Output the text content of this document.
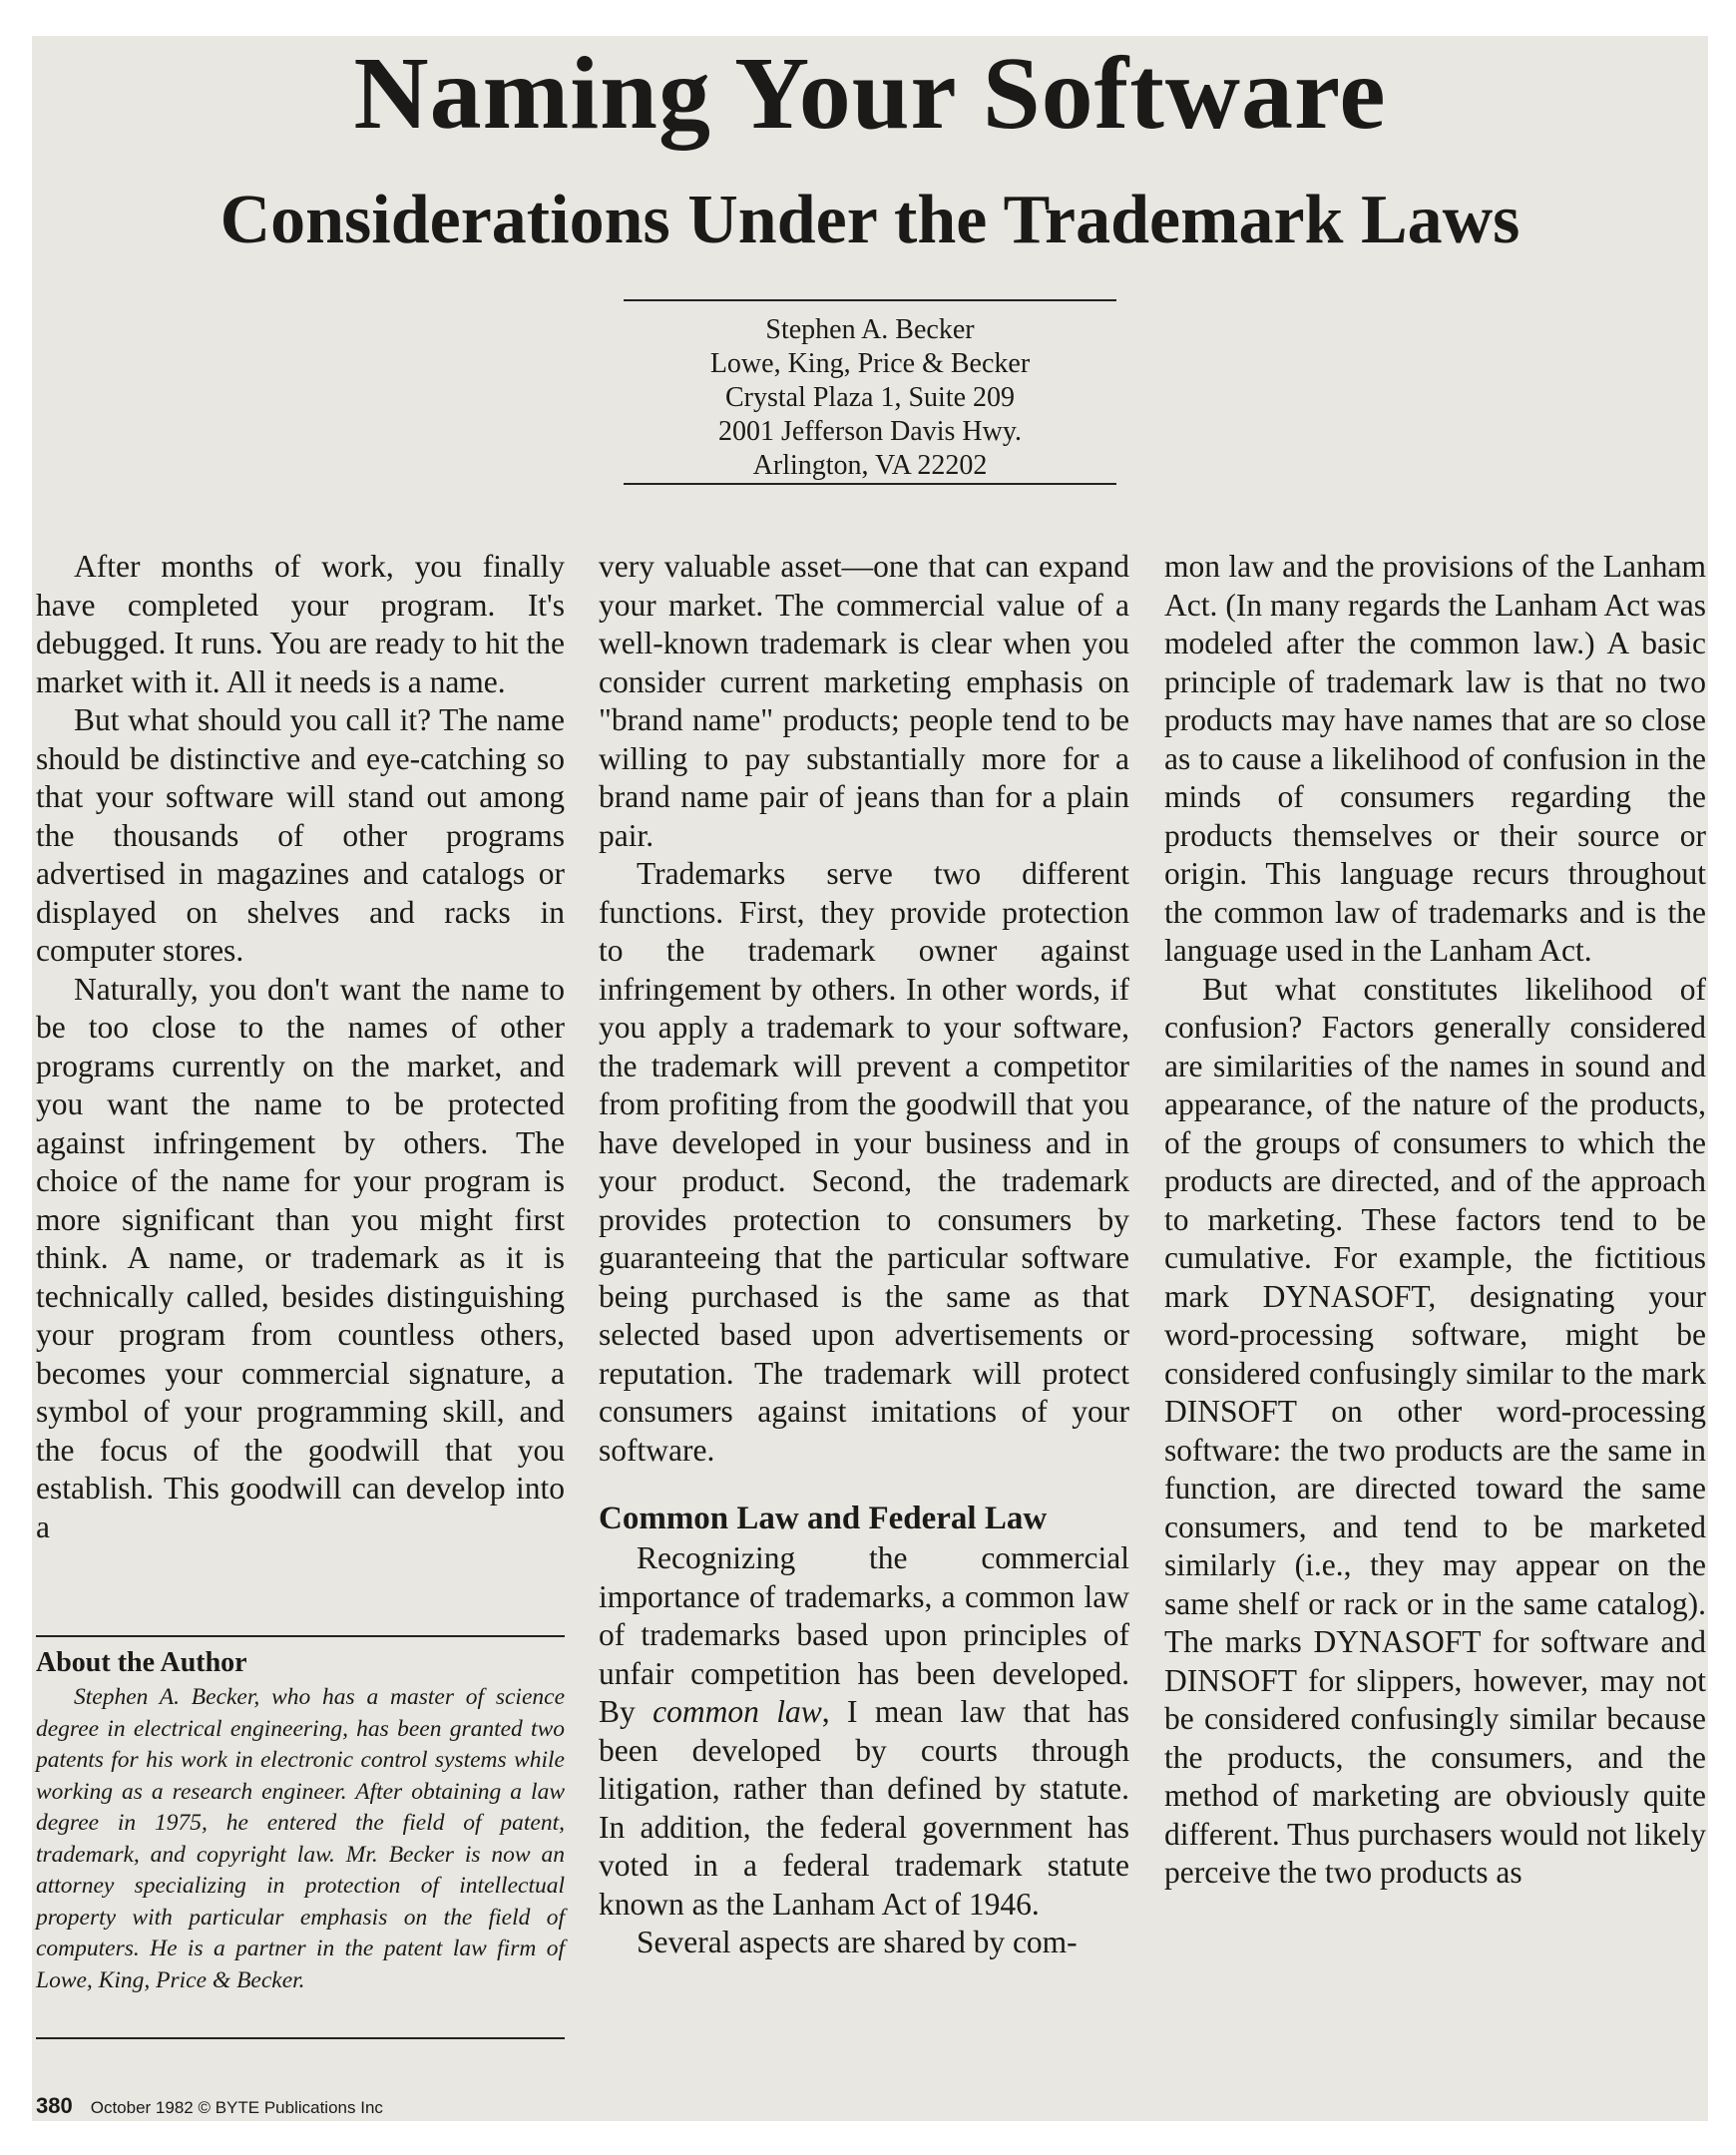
Naming Your Software
Considerations Under the Trademark Laws
Stephen A. Becker
Lowe, King, Price & Becker
Crystal Plaza 1, Suite 209
2001 Jefferson Davis Hwy.
Arlington, VA 22202

After months of work, you finally have completed your program. It's debugged. It runs. You are ready to hit the market with it. All it needs is a name.

But what should you call it? The name should be distinctive and eye-catching so that your software will stand out among the thousands of other programs advertised in magazines and catalogs or displayed on shelves and racks in computer stores.

Naturally, you don't want the name to be too close to the names of other programs currently on the market, and you want the name to be protected against infringement by others. The choice of the name for your program is more significant than you might first think. A name, or trademark as it is technically called, besides distinguishing your program from countless others, becomes your commercial signature, a symbol of your programming skill, and the focus of the goodwill that you establish. This goodwill can develop into a

About the Author

Stephen A. Becker, who has a master of science degree in electrical engineering, has been granted two patents for his work in electronic control systems while working as a research engineer. After obtaining a law degree in 1975, he entered the field of patent, trademark, and copyright law. Mr. Becker is now an attorney specializing in protection of intellectual property with particular emphasis on the field of computers. He is a partner in the patent law firm of Lowe, King, Price & Becker.

very valuable asset—one that can expand your market. The commercial value of a well-known trademark is clear when you consider current marketing emphasis on "brand name" products; people tend to be willing to pay substantially more for a brand name pair of jeans than for a plain pair.

Trademarks serve two different functions. First, they provide protection to the trademark owner against infringement by others. In other words, if you apply a trademark to your software, the trademark will prevent a competitor from profiting from the goodwill that you have developed in your business and in your product. Second, the trademark provides protection to consumers by guaranteeing that the particular software being purchased is the same as that selected based upon advertisements or reputation. The trademark will protect consumers against imitations of your software.

Common Law and Federal Law

Recognizing the commercial importance of trademarks, a common law of trademarks based upon principles of unfair competition has been developed. By common law, I mean law that has been developed by courts through litigation, rather than defined by statute. In addition, the federal government has voted in a federal trademark statute known as the Lanham Act of 1946.

Several aspects are shared by com-

mon law and the provisions of the Lanham Act. (In many regards the Lanham Act was modeled after the common law.) A basic principle of trademark law is that no two products may have names that are so close as to cause a likelihood of confusion in the minds of consumers regarding the products themselves or their source or origin. This language recurs throughout the common law of trademarks and is the language used in the Lanham Act.

But what constitutes likelihood of confusion? Factors generally considered are similarities of the names in sound and appearance, of the nature of the products, of the groups of consumers to which the products are directed, and of the approach to marketing. These factors tend to be cumulative. For example, the fictitious mark DYNASOFT, designating your word-processing software, might be considered confusingly similar to the mark DINSOFT on other word-processing software: the two products are the same in function, are directed toward the same consumers, and tend to be marketed similarly (i.e., they may appear on the same shelf or rack or in the same catalog). The marks DYNASOFT for software and DINSOFT for slippers, however, may not be considered confusingly similar because the products, the consumers, and the method of marketing are obviously quite different. Thus purchasers would not likely perceive the two products as

380 October 1982 © BYTE Publications Inc
